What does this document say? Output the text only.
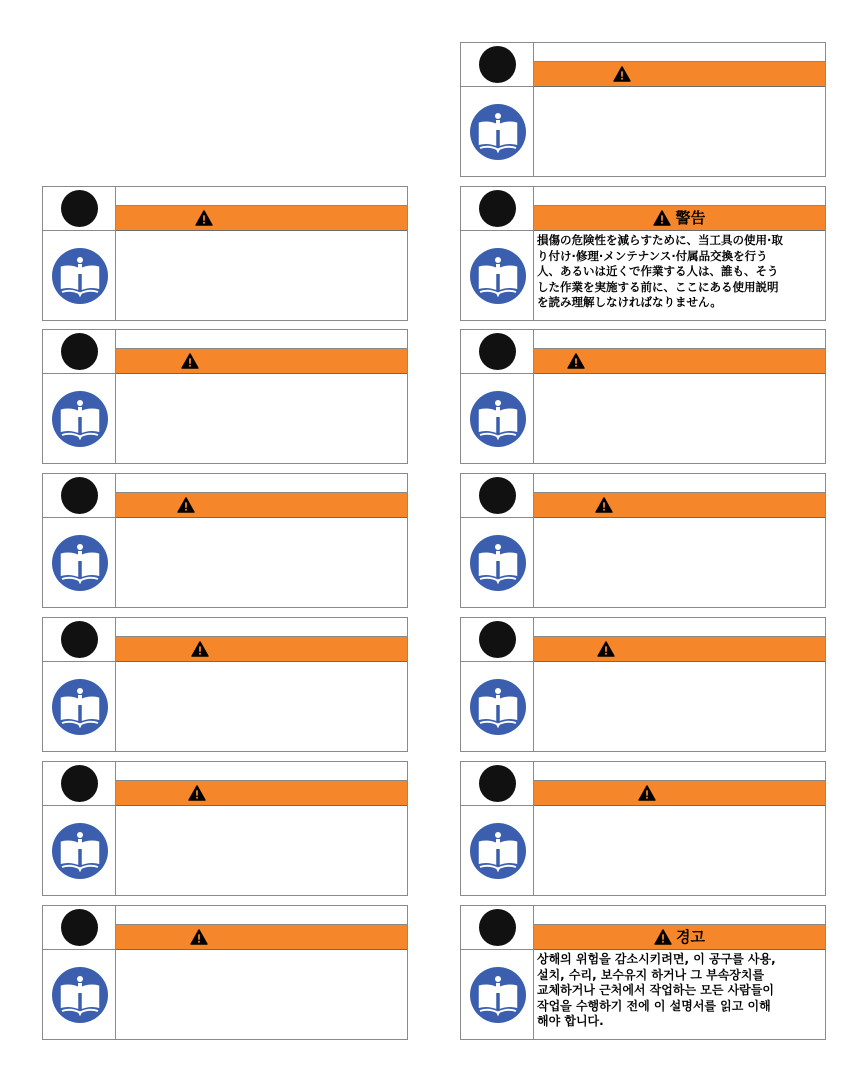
警告
損傷の危険性を減らすために、当工具の使用·取
り付け·修理·メンテナンス·付属品交換を行う
人、あるいは近くで作業する人は、誰も、そう
した作業を実施する前に、ここにある使用説明
を読み理解しなければなりません。
경고
상해의 위험을 감소시키려면, 이 공구를 사용,
설치, 수리, 보수유지 하거나 그 부속장치를
교체하거나 근처에서 작업하는 모든 사람들이
작업을 수행하기 전에 이 설명서를 읽고 이해
해야 합니다.
